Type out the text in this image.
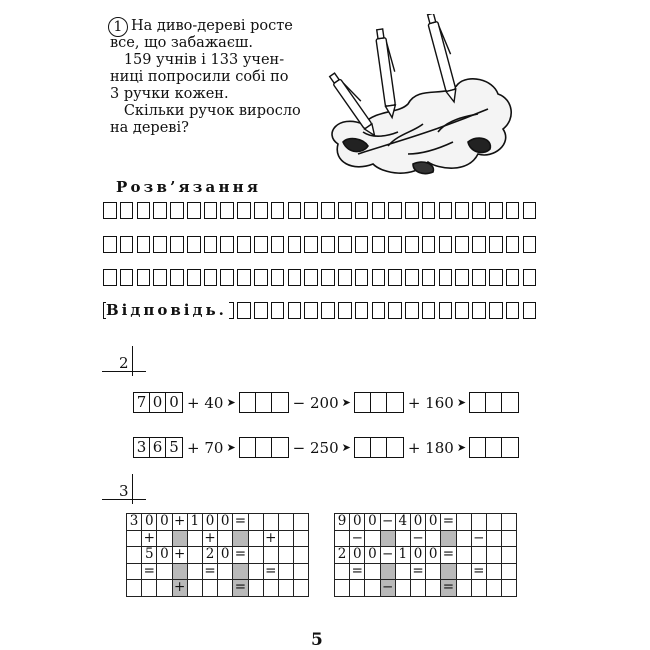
1 На диво-дереві росте
все, що забажаєш.
159 учнів і 133 учен-
ниці попросили собі по
3 ручки кожен.
Скільки ручок виросло
на дереві?
Розв’язання
Відповідь.
2
7 0 0 + 40 ➤	− 200 ➤	+ 160 ➤
3 6 5 + 70 ➤	− 250 ➤	+ 180 ➤
3
3	0	0	+	1	0	0	=				
	+				+				+		
	5	0	+		2	0	=				
	=				=				=		
			+				=				
9	0	0	−	4	0	0	=				
	−				−				−		
2	0	0	−	1	0	0	=				
	=				=				=		
			−				=				
5
